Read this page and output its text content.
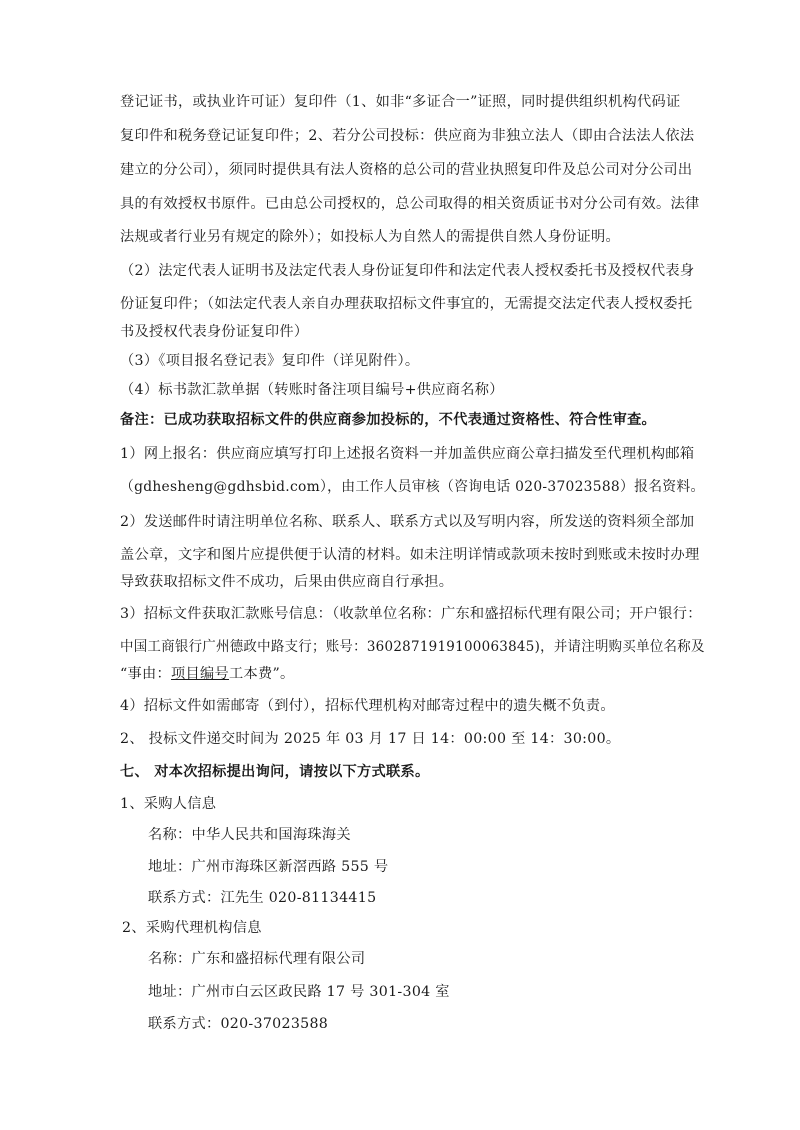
登记证书，或执业许可证）复印件（1、如非“多证合一”证照，同时提供组织机构代码证
复印件和税务登记证复印件；2、若分公司投标：供应商为非独立法人（即由合法法人依法
建立的分公司），须同时提供具有法人资格的总公司的营业执照复印件及总公司对分公司出
具的有效授权书原件。已由总公司授权的，总公司取得的相关资质证书对分公司有效。法律
法规或者行业另有规定的除外）；如投标人为自然人的需提供自然人身份证明。
（2）法定代表人证明书及法定代表人身份证复印件和法定代表人授权委托书及授权代表身
份证复印件；（如法定代表人亲自办理获取招标文件事宜的，无需提交法定代表人授权委托
书及授权代表身份证复印件）
（3）《项目报名登记表》复印件（详见附件）。
（4）标书款汇款单据（转账时备注项目编号+供应商名称）
备注：已成功获取招标文件的供应商参加投标的，不代表通过资格性、符合性审查。
1）网上报名：供应商应填写打印上述报名资料一并加盖供应商公章扫描发至代理机构邮箱
（gdhesheng@gdhsbid.com），由工作人员审核（咨询电话 020-37023588）报名资料。
2）发送邮件时请注明单位名称、联系人、联系方式以及写明内容，所发送的资料须全部加
盖公章，文字和图片应提供便于认清的材料。如未注明详情或款项未按时到账或未按时办理
导致获取招标文件不成功，后果由供应商自行承担。
3）招标文件获取汇款账号信息：（收款单位名称：广东和盛招标代理有限公司；开户银行：
中国工商银行广州德政中路支行；账号：3602871919100063845)，并请注明购买单位名称及
“事由：项目编号工本费”。
4）招标文件如需邮寄（到付），招标代理机构对邮寄过程中的遗失概不负责。
2、 投标文件递交时间为 2025 年 03 月 17 日 14：00:00 至 14：30:00。
七、 对本次招标提出询问，请按以下方式联系。
1、采购人信息
名称：中华人民共和国海珠海关
地址：广州市海珠区新滘西路 555 号
联系方式：江先生 020-81134415
2、采购代理机构信息
名称：广东和盛招标代理有限公司
地址：广州市白云区政民路 17 号 301-304 室
联系方式：020-37023588
